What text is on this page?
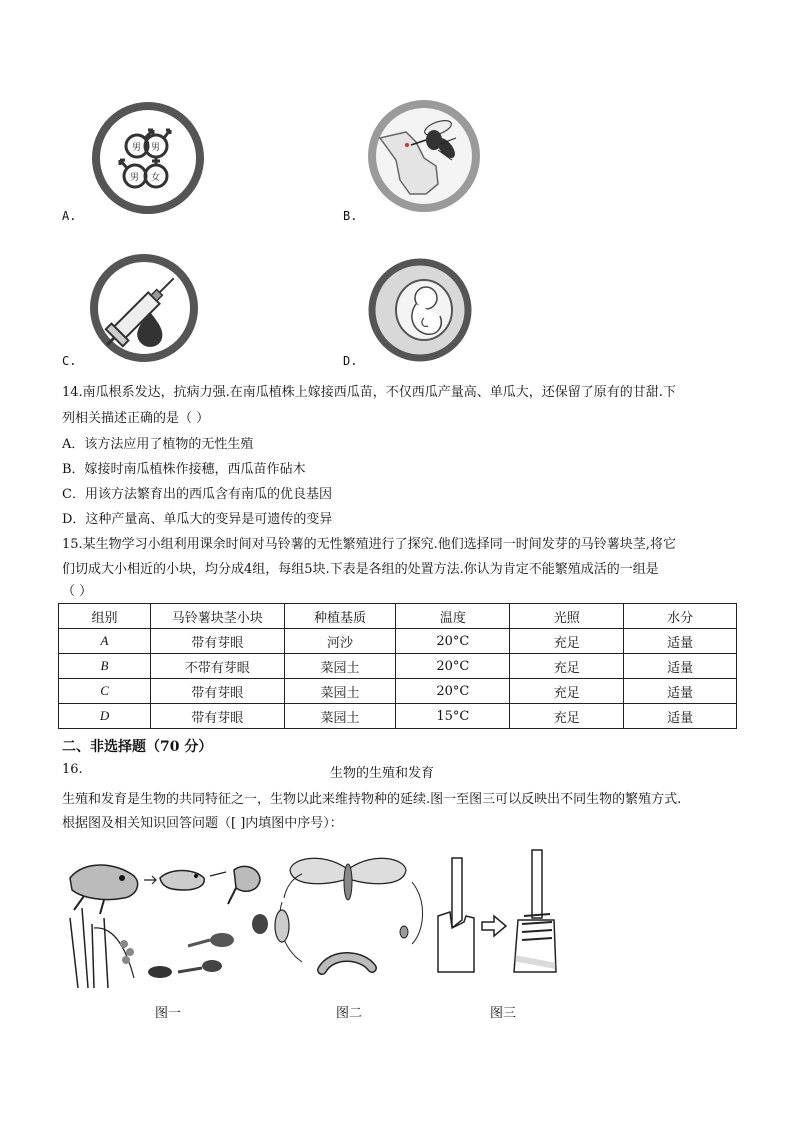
男 男
男 女
A.	B.
C.	D.
14.南瓜根系发达，抗病力强.在南瓜植株上嫁接西瓜苗，不仅西瓜产量高、单瓜大，还保留了原有的甘甜.下
列相关描述正确的是（ ）
A．该方法应用了植物的无性生殖
B．嫁接时南瓜植株作接穗，西瓜苗作砧木
C．用该方法繁育出的西瓜含有南瓜的优良基因
D．这种产量高、单瓜大的变异是可遗传的变异
15.某生物学习小组利用课余时间对马铃薯的无性繁殖进行了探究.他们选择同一时间发芽的马铃薯块茎,将它
们切成大小相近的小块，均分成4组，每组5块.下表是各组的处置方法.你认为肯定不能繁殖成活的一组是
（ ）
组别	马铃薯块茎小块	种植基质	温度	光照	水分
A	带有芽眼	河沙	20°C	充足	适量
B	不带有芽眼	菜园土	20°C	充足	适量
C	带有芽眼	菜园土	20°C	充足	适量
D	带有芽眼	菜园土	15°C	充足	适量
二、非选择题（70 分）
16.	生物的生殖和发育
生殖和发育是生物的共同特征之一，生物以此来维持物种的延续.图一至图三可以反映出不同生物的繁殖方式.
根据图及相关知识回答问题（[ ]内填图中序号）：
图一	图二	图三
